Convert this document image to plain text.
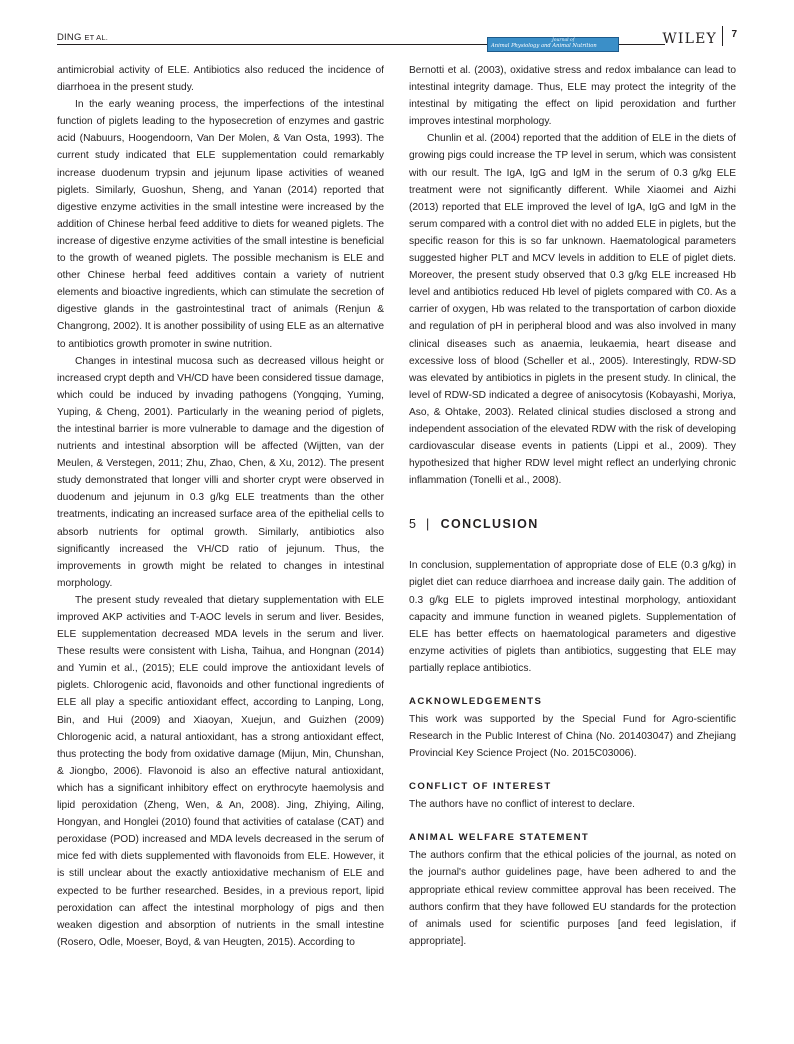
DING ET AL.	Journal of
Animal Physiology and Animal Nutrition	WILEY 7

antimicrobial activity of ELE. Antibiotics also reduced the incidence of diarrhoea in the present study.

In the early weaning process, the imperfections of the intestinal function of piglets leading to the hyposecretion of enzymes and gastric acid (Nabuurs, Hoogendoorn, Van Der Molen, & Van Osta, 1993). The current study indicated that ELE supplementation could remarkably increase duodenum trypsin and jejunum lipase activities of weaned piglets. Similarly, Guoshun, Sheng, and Yanan (2014) reported that digestive enzyme activities in the small intestine were increased by the addition of Chinese herbal feed additive to diets for weaned piglets. The increase of digestive enzyme activities of the small intestine is beneficial to the growth of weaned piglets. The possible mechanism is ELE and other Chinese herbal feed additives contain a variety of nutrient elements and bioactive ingredients, which can stimulate the secretion of digestive glands in the gastrointestinal tract of animals (Renjun & Changrong, 2002). It is another possibility of using ELE as an alternative to antibiotics growth promoter in swine nutrition.

Changes in intestinal mucosa such as decreased villous height or increased crypt depth and VH/CD have been considered tissue damage, which could be induced by invading pathogens (Yongqing, Yuming, Yuping, & Cheng, 2001). Particularly in the weaning period of piglets, the intestinal barrier is more vulnerable to damage and the digestion of nutrients and intestinal absorption will be affected (Wijtten, van der Meulen, & Verstegen, 2011; Zhu, Zhao, Chen, & Xu, 2012). The present study demonstrated that longer villi and shorter crypt were observed in duodenum and jejunum in 0.3 g/kg ELE treatments than the other treatments, indicating an increased surface area of the epithelial cells to absorb nutrients for optimal growth. Similarly, antibiotics also significantly increased the VH/CD ratio of jejunum. Thus, the improvements in growth might be related to changes in intestinal morphology.

The present study revealed that dietary supplementation with ELE improved AKP activities and T-AOC levels in serum and liver. Besides, ELE supplementation decreased MDA levels in the serum and liver. These results were consistent with Lisha, Taihua, and Hongnan (2014) and Yumin et al., (2015); ELE could improve the antioxidant levels of piglets. Chlorogenic acid, flavonoids and other functional ingredients of ELE all play a specific antioxidant effect, according to Lanping, Long, Bin, and Hui (2009) and Xiaoyan, Xuejun, and Guizhen (2009) Chlorogenic acid, a natural antioxidant, has a strong antioxidant effect, thus protecting the body from oxidative damage (Mijun, Min, Chunshan, & Jiongbo, 2006). Flavonoid is also an effective natural antioxidant, which has a significant inhibitory effect on erythrocyte haemolysis and lipid peroxidation (Zheng, Wen, & An, 2008). Jing, Zhiying, Ailing, Hongyan, and Honglei (2010) found that activities of catalase (CAT) and peroxidase (POD) increased and MDA levels decreased in the serum of mice fed with diets supplemented with flavonoids from ELE. However, it is still unclear about the exactly antioxidative mechanism of ELE and expected to be further researched. Besides, in a previous report, lipid peroxidation can affect the intestinal morphology of pigs and then weaken digestion and absorption of nutrients in the small intestine (Rosero, Odle, Moeser, Boyd, & van Heugten, 2015). According to

Bernotti et al. (2003), oxidative stress and redox imbalance can lead to intestinal integrity damage. Thus, ELE may protect the integrity of the intestinal by mitigating the effect on lipid peroxidation and further improves intestinal morphology.

Chunlin et al. (2004) reported that the addition of ELE in the diets of growing pigs could increase the TP level in serum, which was consistent with our result. The IgA, IgG and IgM in the serum of 0.3 g/kg ELE treatment were not significantly different. While Xiaomei and Aizhi (2013) reported that ELE improved the level of IgA, IgG and IgM in the serum compared with a control diet with no added ELE in piglets, but the specific reason for this is so far unknown. Haematological parameters suggested higher PLT and MCV levels in addition to ELE of piglet diets. Moreover, the present study observed that 0.3 g/kg ELE increased Hb level and antibiotics reduced Hb level of piglets compared with C0. As a carrier of oxygen, Hb was related to the transportation of carbon dioxide and regulation of pH in peripheral blood and was also involved in many clinical diseases such as anaemia, leukaemia, heart disease and excessive loss of blood (Scheller et al., 2005). Interestingly, RDW-SD was elevated by antibiotics in piglets in the present study. In clinical, the level of RDW-SD indicated a degree of anisocytosis (Kobayashi, Moriya, Aso, & Ohtake, 2003). Related clinical studies disclosed a strong and independent association of the elevated RDW with the risk of developing cardiovascular disease events in patients (Lippi et al., 2009). They hypothesized that higher RDW level might reflect an underlying chronic inflammation (Tonelli et al., 2008).

5 | CONCLUSION

In conclusion, supplementation of appropriate dose of ELE (0.3 g/kg) in piglet diet can reduce diarrhoea and increase daily gain. The addition of 0.3 g/kg ELE to piglets improved intestinal morphology, antioxidant capacity and immune function in weaned piglets. Supplementation of ELE has better effects on haematological parameters and digestive enzyme activities of piglets than antibiotics, suggesting that ELE may partially replace antibiotics.

ACKNOWLEDGEMENTS

This work was supported by the Special Fund for Agro-scientific Research in the Public Interest of China (No. 201403047) and Zhejiang Provincial Key Science Project (No. 2015C03006).

CONFLICT OF INTEREST

The authors have no conflict of interest to declare.

ANIMAL WELFARE STATEMENT

The authors confirm that the ethical policies of the journal, as noted on the journal's author guidelines page, have been adhered to and the appropriate ethical review committee approval has been received. The authors confirm that they have followed EU standards for the protection of animals used for scientific purposes [and feed legislation, if appropriate].
